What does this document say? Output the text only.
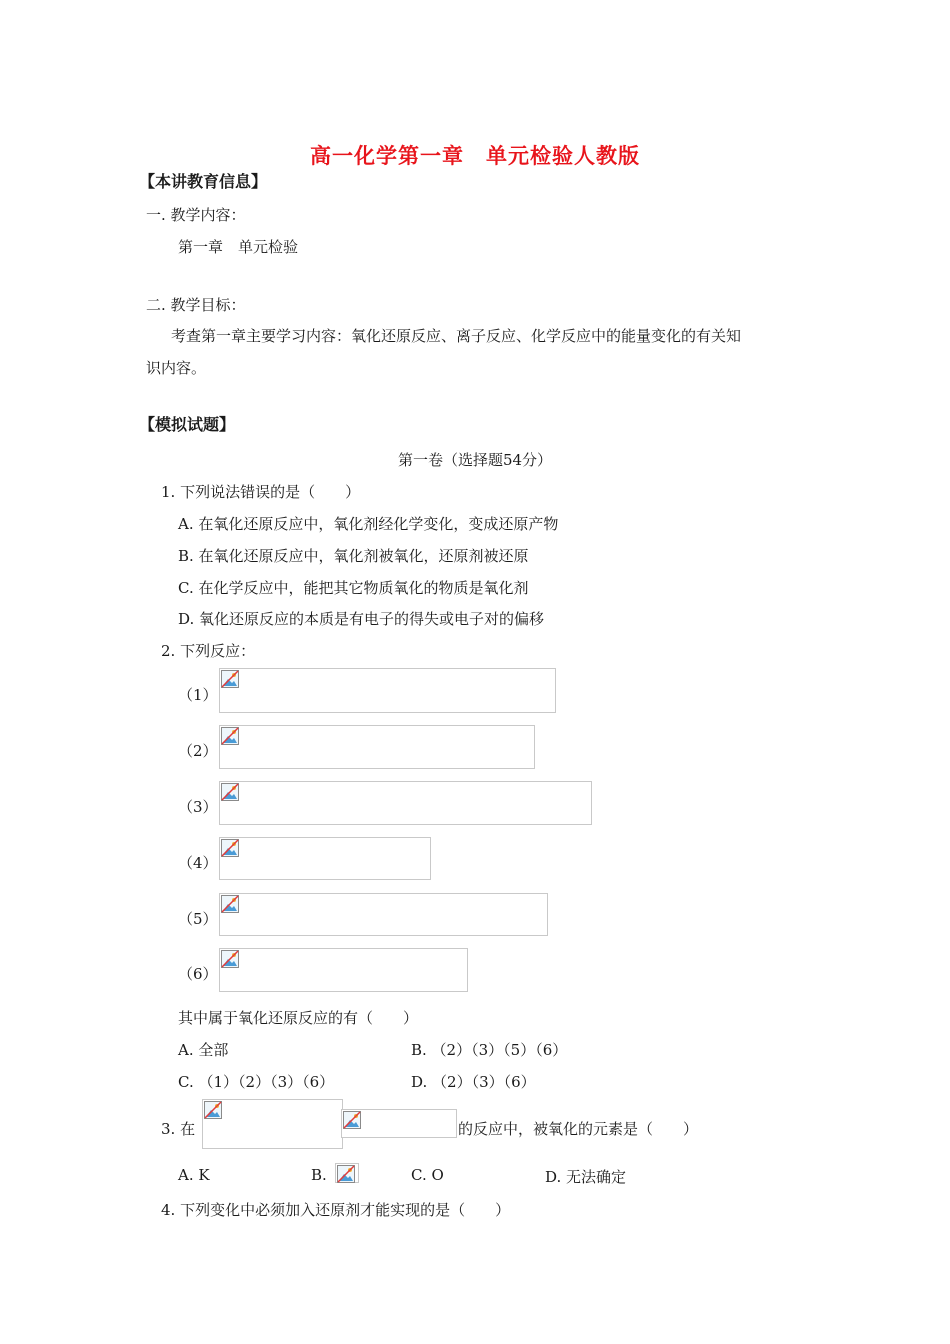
高一化学第一章　单元检验人教版
【本讲教育信息】
一. 教学内容：
第一章　单元检验
二. 教学目标：
考查第一章主要学习内容：氧化还原反应、离子反应、化学反应中的能量变化的有关知
识内容。
【模拟试题】
第一卷（选择题54分）
1. 下列说法错误的是（　　）
A. 在氧化还原反应中，氧化剂经化学变化，变成还原产物
B. 在氧化还原反应中，氧化剂被氧化，还原剂被还原
C. 在化学反应中，能把其它物质氧化的物质是氧化剂
D. 氧化还原反应的本质是有电子的得失或电子对的偏移
2. 下列反应：
（1）
（2）
（3）
（4）
（5）
（6）
其中属于氧化还原反应的有（　　）
A. 全部	B. （2）（3）（5）（6）
C. （1）（2）（3）（6）	D. （2）（3）（6）
3. 在	的反应中，被氧化的元素是（　　）
A. K	B.	C. O	D. 无法确定
4. 下列变化中必须加入还原剂才能实现的是（　　）
